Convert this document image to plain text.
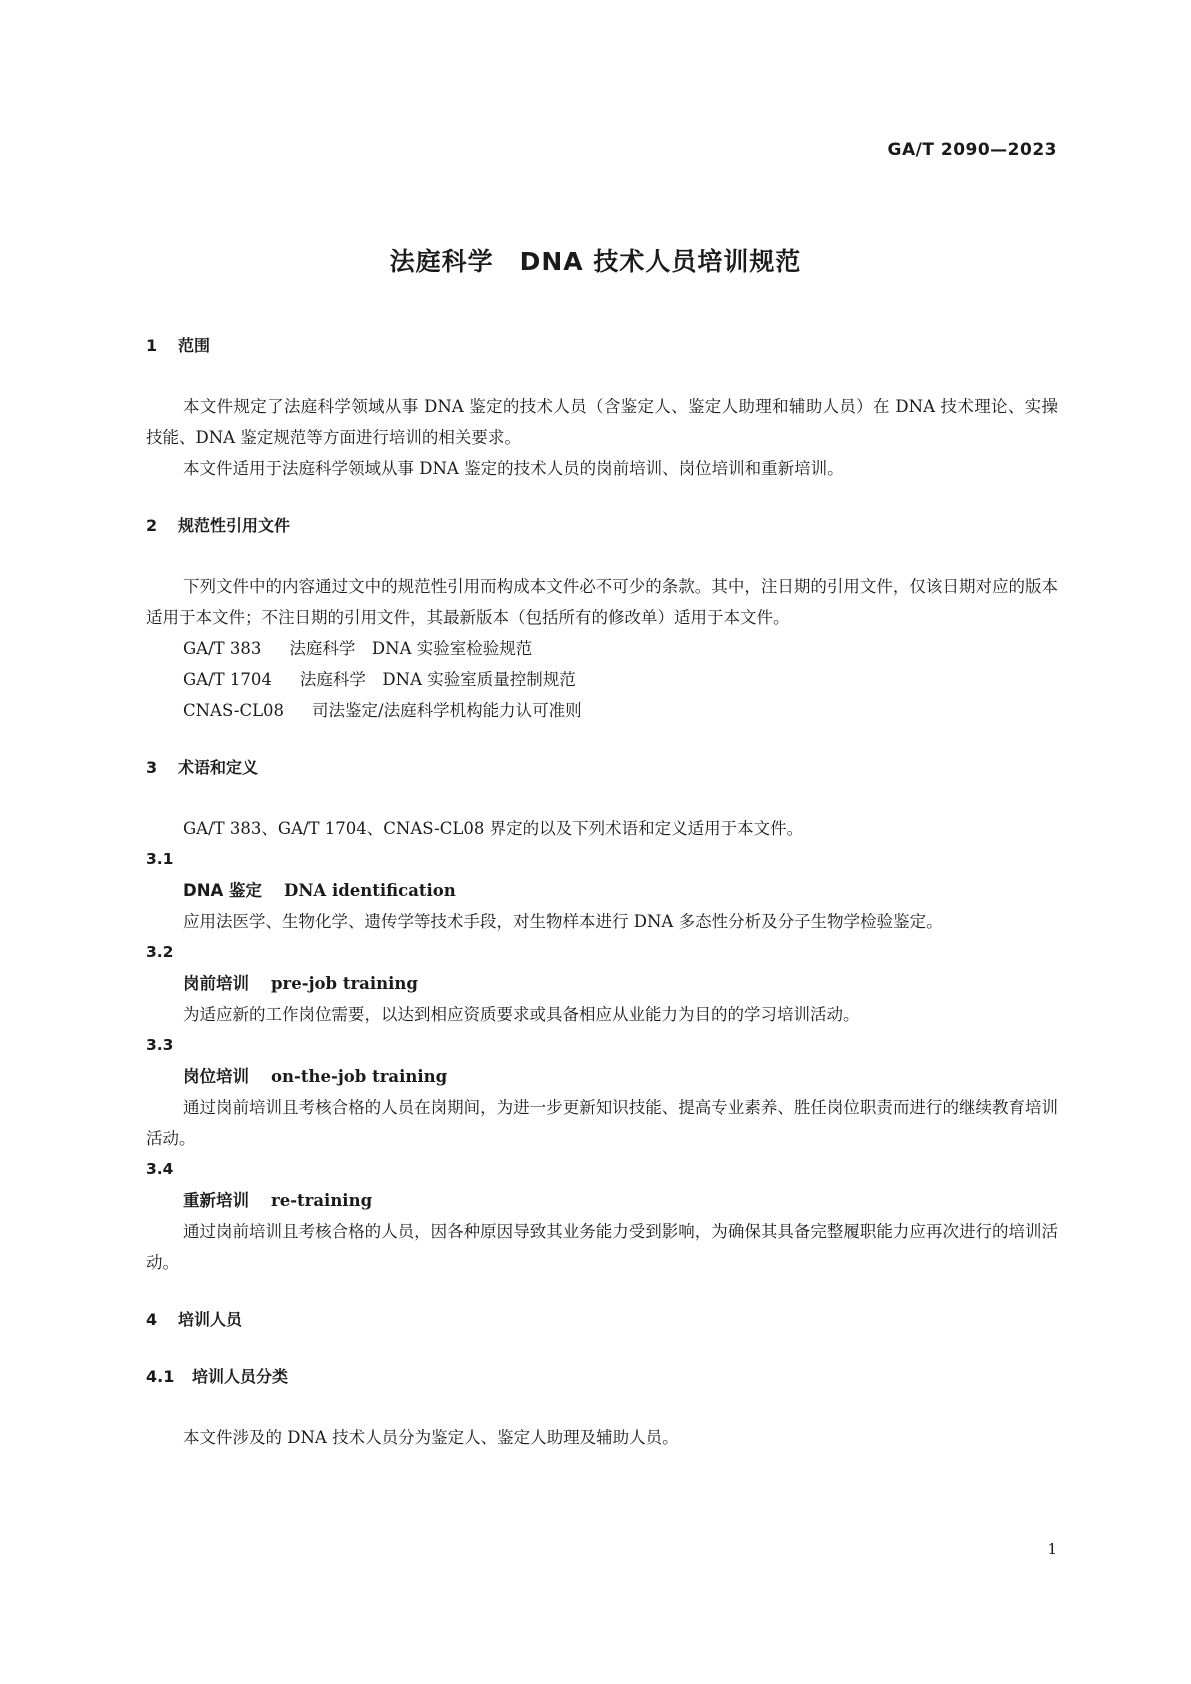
GA/T 2090—2023
法庭科学　DNA 技术人员培训规范
1 范围

本文件规定了法庭科学领域从事 DNA 鉴定的技术人员（含鉴定人、鉴定人助理和辅助人员）在 DNA 技术理论、实操技能、DNA 鉴定规范等方面进行培训的相关要求。

本文件适用于法庭科学领域从事 DNA 鉴定的技术人员的岗前培训、岗位培训和重新培训。

2 规范性引用文件

下列文件中的内容通过文中的规范性引用而构成本文件必不可少的条款。其中，注日期的引用文件，仅该日期对应的版本适用于本文件；不注日期的引用文件，其最新版本（包括所有的修改单）适用于本文件。

GA/T 383 法庭科学　DNA 实验室检验规范

GA/T 1704 法庭科学　DNA 实验室质量控制规范

CNAS-CL08 司法鉴定/法庭科学机构能力认可准则

3 术语和定义

GA/T 383、GA/T 1704、CNAS-CL08 界定的以及下列术语和定义适用于本文件。

3.1

DNA 鉴定 DNA identification

应用法医学、生物化学、遗传学等技术手段，对生物样本进行 DNA 多态性分析及分子生物学检验鉴定。

3.2

岗前培训 pre-job training

为适应新的工作岗位需要，以达到相应资质要求或具备相应从业能力为目的的学习培训活动。

3.3

岗位培训 on-the-job training

通过岗前培训且考核合格的人员在岗期间，为进一步更新知识技能、提高专业素养、胜任岗位职责而进行的继续教育培训活动。

3.4

重新培训 re-training

通过岗前培训且考核合格的人员，因各种原因导致其业务能力受到影响，为确保其具备完整履职能力应再次进行的培训活动。

4 培训人员
4.1 培训人员分类

本文件涉及的 DNA 技术人员分为鉴定人、鉴定人助理及辅助人员。

1
